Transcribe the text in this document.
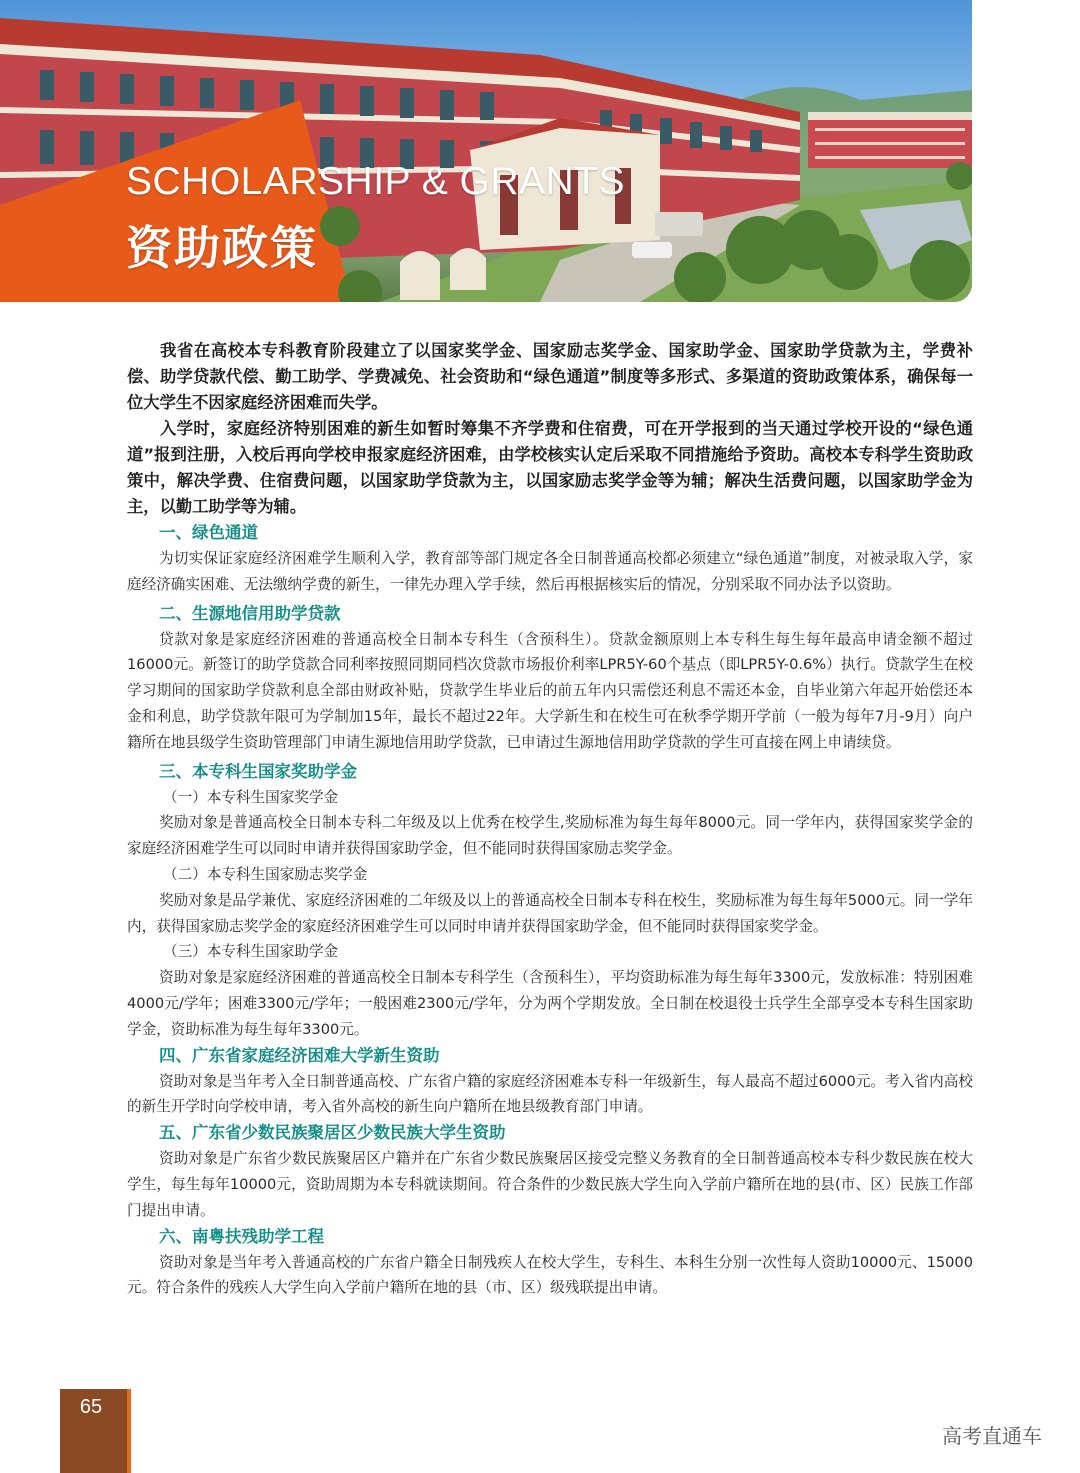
SCHOLARSHIP & GRANTS
资助政策

我省在高校本专科教育阶段建立了以国家奖学金、国家励志奖学金、国家助学金、国家助学贷款为主，学费补偿、助学贷款代偿、勤工助学、学费减免、社会资助和“绿色通道”制度等多形式、多渠道的资助政策体系，确保每一位大学生不因家庭经济困难而失学。

入学时，家庭经济特别困难的新生如暂时筹集不齐学费和住宿费，可在开学报到的当天通过学校开设的“绿色通道”报到注册，入校后再向学校申报家庭经济困难，由学校核实认定后采取不同措施给予资助。高校本专科学生资助政策中，解决学费、住宿费问题，以国家助学贷款为主，以国家励志奖学金等为辅；解决生活费问题，以国家助学金为主，以勤工助学等为辅。

一、绿色通道

为切实保证家庭经济困难学生顺利入学，教育部等部门规定各全日制普通高校都必须建立“绿色通道”制度，对被录取入学，家庭经济确实困难、无法缴纳学费的新生，一律先办理入学手续，然后再根据核实后的情况，分别采取不同办法予以资助。

二、生源地信用助学贷款

贷款对象是家庭经济困难的普通高校全日制本专科生（含预科生）。贷款金额原则上本专科生每生每年最高申请金额不超过16000元。新签订的助学贷款合同利率按照同期同档次贷款市场报价利率LPR5Y-60个基点（即LPR5Y-0.6%）执行。贷款学生在校学习期间的国家助学贷款利息全部由财政补贴，贷款学生毕业后的前五年内只需偿还利息不需还本金，自毕业第六年起开始偿还本金和利息，助学贷款年限可为学制加15年，最长不超过22年。大学新生和在校生可在秋季学期开学前（一般为每年7月-9月）向户籍所在地县级学生资助管理部门申请生源地信用助学贷款，已申请过生源地信用助学贷款的学生可直接在网上申请续贷。

三、本专科生国家奖助学金

（一）本专科生国家奖学金

奖励对象是普通高校全日制本专科二年级及以上优秀在校学生,奖励标准为每生每年8000元。同一学年内，获得国家奖学金的家庭经济困难学生可以同时申请并获得国家助学金，但不能同时获得国家励志奖学金。

（二）本专科生国家励志奖学金

奖励对象是品学兼优、家庭经济困难的二年级及以上的普通高校全日制本专科在校生，奖励标准为每生每年5000元。同一学年内，获得国家励志奖学金的家庭经济困难学生可以同时申请并获得国家助学金，但不能同时获得国家奖学金。

（三）本专科生国家助学金

资助对象是家庭经济困难的普通高校全日制本专科学生（含预科生），平均资助标准为每生每年3300元，发放标准：特别困难4000元/学年；困难3300元/学年；一般困难2300元/学年，分为两个学期发放。全日制在校退役士兵学生全部享受本专科生国家助学金，资助标准为每生每年3300元。

四、广东省家庭经济困难大学新生资助

资助对象是当年考入全日制普通高校、广东省户籍的家庭经济困难本专科一年级新生，每人最高不超过6000元。考入省内高校的新生开学时向学校申请，考入省外高校的新生向户籍所在地县级教育部门申请。

五、广东省少数民族聚居区少数民族大学生资助

资助对象是广东省少数民族聚居区户籍并在广东省少数民族聚居区接受完整义务教育的全日制普通高校本专科少数民族在校大学生，每生每年10000元，资助周期为本专科就读期间。符合条件的少数民族大学生向入学前户籍所在地的县(市、区）民族工作部门提出申请。

六、南粤扶残助学工程

资助对象是当年考入普通高校的广东省户籍全日制残疾人在校大学生，专科生、本科生分别一次性每人资助10000元、15000元。符合条件的残疾人大学生向入学前户籍所在地的县（市、区）级残联提出申请。

65
高考直通车
